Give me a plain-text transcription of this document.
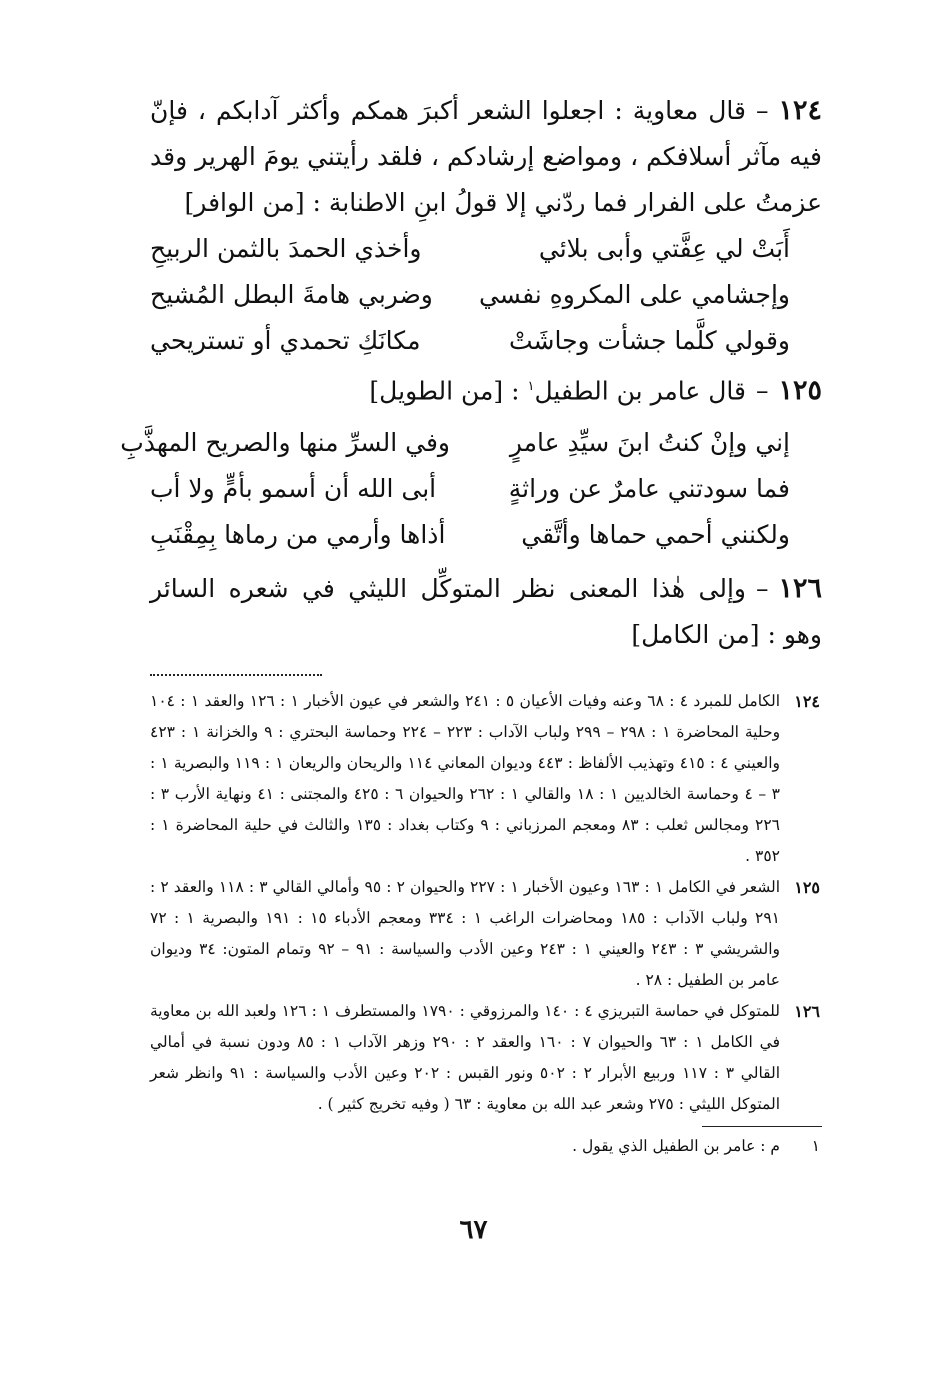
١٢٤–قال معاوية : اجعلوا الشعر أكبرَ همكم وأكثر آدابكم ، فإنّ فيه مآثر أسلافكم ، ومواضع إرشادكم ، فلقد رأيتني يومَ الهرير وقد عزمتُ على الفرار فما ردّني إلا قولُ ابنِ الاطنابة : [من الوافر]

أَبَتْ لي عِفَّتي وأبى بلائي
وأخذي الحمدَ بالثمن الربيحِ
وإجشامي على المكروهِ نفسي
وضربي هامةَ البطل المُشيح
وقولي كلَّما جشأت وجاشَتْ
مكانَكِ تحمدي أو تستريحي

١٢٥–قال عامر بن الطفيل$^١$ : [من الطويل]

إني وإنْ كنتُ ابنَ سيِّدِ عامرٍ
وفي السرِّ منها والصريح المهذَّبِ
فما سودتني عامرٌ عن وراثةٍ
أبى الله أن أسمو بأمٍّ ولا أب
ولكنني أحمي حماها وأتَّقي
أذاها وأرمي من رماها بِمِقْنَبِ

١٢٦–وإلى هٰذا المعنى نظر المتوكِّل الليثي في شعره السائر وهو : [من الكامل]

١٢٤
الكامل للمبرد ٤ : ٦٨ وعنه وفيات الأعيان ٥ : ٢٤١ والشعر في عيون الأخبار ١ : ١٢٦ والعقد ١ : ١٠٤ وحلية المحاضرة ١ : ٢٩٨ – ٢٩٩ ولباب الآداب : ٢٢٣ – ٢٢٤ وحماسة البحتري : ٩ والخزانة ١ : ٤٢٣ والعيني ٤ : ٤١٥ وتهذيب الألفاظ : ٤٤٣ وديوان المعاني ١١٤ والريحان والريعان ١ : ١١٩ والبصرية ١ : ٣ – ٤ وحماسة الخالديين ١ : ١٨ والقالي ١ : ٢٦٢ والحيوان ٦ : ٤٢٥ والمجتنى : ٤١ ونهاية الأرب ٣ : ٢٢٦ ومجالس ثعلب : ٨٣ ومعجم المرزباني : ٩ وكتاب بغداد : ١٣٥ والثالث في حلية المحاضرة ١ : ٣٥٢ .
١٢٥
الشعر في الكامل ١ : ١٦٣ وعيون الأخبار ١ : ٢٢٧ والحيوان ٢ : ٩٥ وأمالي القالي ٣ : ١١٨ والعقد ٢ : ٢٩١ ولباب الآداب : ١٨٥ ومحاضرات الراغب ١ : ٣٣٤ ومعجم الأدباء ١٥ : ١٩١ والبصرية ١ : ٧٢ والشريشي ٣ : ٢٤٣ والعيني ١ : ٢٤٣ وعين الأدب والسياسة : ٩١ – ٩٢ وتمام المتون: ٣٤ وديوان عامر بن الطفيل : ٢٨ .
١٢٦
للمتوكل في حماسة التبريزي ٤ : ١٤٠ والمرزوقي : ١٧٩٠ والمستطرف ١ : ١٢٦ ولعبد الله بن معاوية في الكامل ١ : ٦٣ والحيوان ٧ : ١٦٠ والعقد ٢ : ٢٩٠ وزهر الآداب ١ : ٨٥ ودون نسبة في أمالي القالي ٣ : ١١٧ وربيع الأبرار ٢ : ٥٠٢ ونور القبس : ٢٠٢ وعين الأدب والسياسة : ٩١ وانظر شعر المتوكل الليثي : ٢٧٥ وشعر عبد الله بن معاوية : ٦٣ ( وفيه تخريج كثير ) .
١
م : عامر بن الطفيل الذي يقول .
٦٧
